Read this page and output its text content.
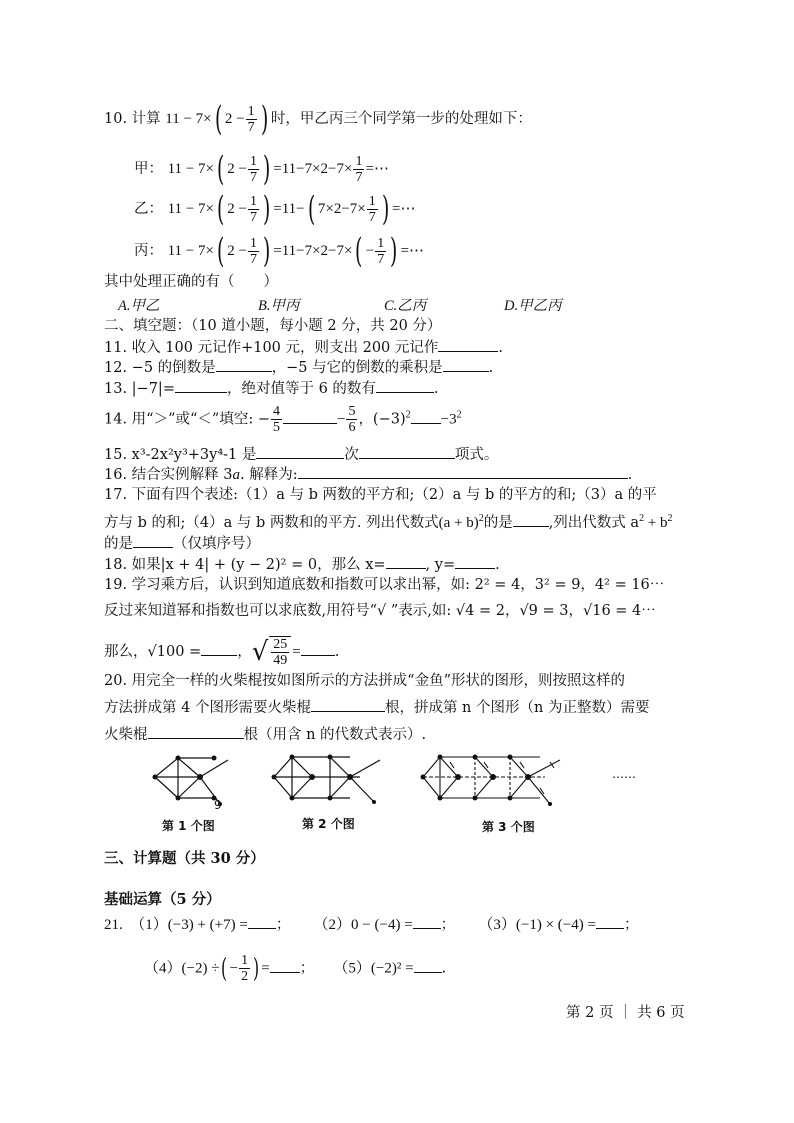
10. 计算 11 − 7×( $2 - \frac{1}{7}$ ) 时，甲乙丙三个同学第一步的处理如下：
甲： 11 − 7×( $2 - \frac{1}{7}$ ) $=11-7\times 2-7\times \frac{1}{7}$ =⋯
乙： 11 − 7×( $2 - \frac{1}{7}$ ) =11−( $7\times 2-7\times \frac{1}{7}$ ) =⋯
丙： 11 − 7×( $2 - \frac{1}{7}$ ) $=11-7\times 2-7\times( - \frac{1}{7}$ ) =⋯
其中处理正确的有（　　）
A.甲乙	B.甲丙	C.乙丙	D.甲乙丙
二、填空题：（10 道小题，每小题 2 分，共 20 分）
11. 收入 100 元记作+100 元，则支出 200 元记作	.
12. −5 的倒数是	，−5 与它的倒数的乘积是	.
13. |−7|=	，绝对值等于 6 的数有	.
14. 用“＞”或“＜”填空: − $\frac{4}{5}$	− $\frac{5}{6}$ ，$(-3)^2 -3^2$
15. x³-2x²y³+3y⁴-1 是	次	项式。
16. 结合实例解释 3a. 解释为:	.
17. 下面有四个表述:（1）a 与 b 两数的平方和;（2）a 与 b 的平方的和;（3）a 的平
方与 b 的和;（4）a 与 b 两数和的平方. 列出代数式$(a + b)^2$的是 ,列出代数式 $a^2 + b^2$
的是	（仅填序号）
18. 如果|x + 4| + (y − 2)² = 0，那么 x=	, y=	.
19. 学习乘方后，认识到知道底数和指数可以求出幂，如: 2² = 4，3² = 9，4² = 16⋯
反过来知道幂和指数也可以求底数,用符号“√ ”表示,如: √4 = 2，√9 = 3，√16 = 4⋯
那么，√100 = ，√ $\frac{25}{49}$ = .
20. 用完全一样的火柴棍按如图所示的方法拼成“金鱼”形状的图形，则按照这样的
方法拼成第 4 个图形需要火柴棍	根，拼成第 n 个图形（n 为正整数）需要
火柴棍	根（用含 n 的代数式表示）.
9
……
第 1 个图	第 2 个图	第 3 个图
三、计算题（共 30 分）
基础运算（5 分）
21.　（1）(−3) + (+7) = ； （2）0 − (−4) = ； （3）(−1) × (−4) = ；
（4）(−2) ÷( − $\frac{1}{2}$ ) = ； （5）(−2)² = .
第 2 页 ｜ 共 6 页
